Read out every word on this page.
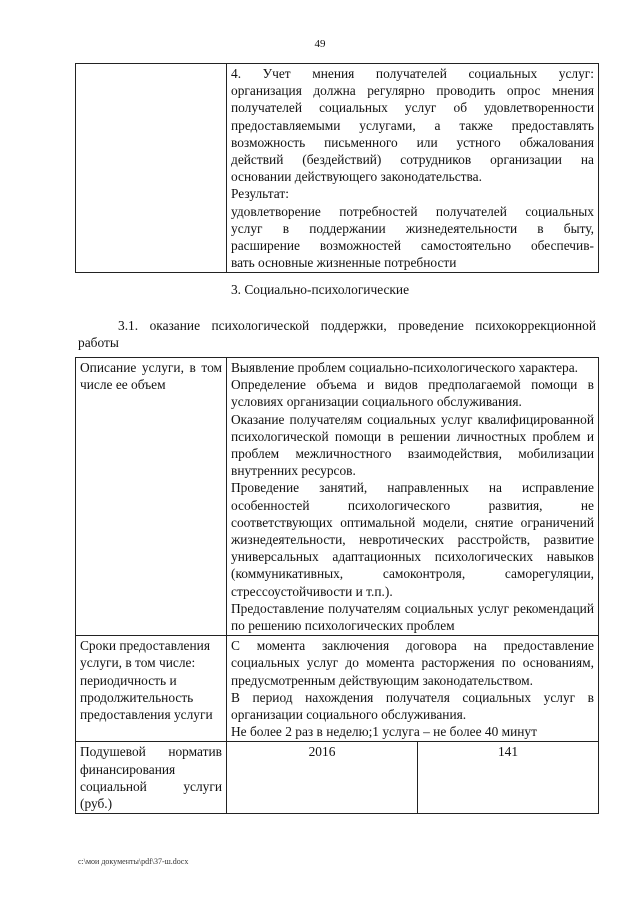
49

4. Учет мнения получателей социальных услуг:
организация должна регулярно проводить опрос мнения
получателей социальных услуг об удовлетворенности
предоставляемыми услугами, а также предоставлять
возможность письменного или устного обжалования
действий (бездействий) сотрудников организации на
основании действующего законодательства.
Результат:
удовлетворение потребностей получателей социальных
услуг в поддержании жизнедеятельности в быту,
расширение возможностей самостоятельно обеспечив-
вать основные жизненные потребности
3. Социально-психологические
3.1. оказание психологической поддержки, проведение психокоррекционной работы
Описание услуги, в том числе ее объем	Выявление проблем социально-психологического характера.
Определение объема и видов предполагаемой помощи в условиях организации социального обслуживания.
Оказание получателям социальных услуг квалифицированной психологической помощи в решении личностных проблем и проблем межличностного взаимодействия, мобилизации внутренних ресурсов.
Проведение занятий, направленных на исправление особенностей психологического развития, не соответствующих оптимальной модели, снятие ограничений жизнедеятельности, невротических расстройств, развитие универсальных адаптационных психологических навыков (коммуникативных, самоконтроля, саморегуляции, стрессоустойчивости и т.п.).
Предоставление получателям социальных услуг рекомендаций по решению психологических проблем	

Сроки предоставления услуги, в том числе: периодичность и продолжительность предоставления услуги	С момента заключения договора на предоставление социальных услуг до момента расторжения по основаниям, предусмотренным действующим законодательством.
В период нахождения получателя социальных услуг в организации социального обслуживания.
Не более 2 раз в неделю;1 услуга – не более 40 минут	

Подушевой норматив финансирования социальной услуги (руб.)	2016	141
c:\мои документы\pdf\37-ш.docx
